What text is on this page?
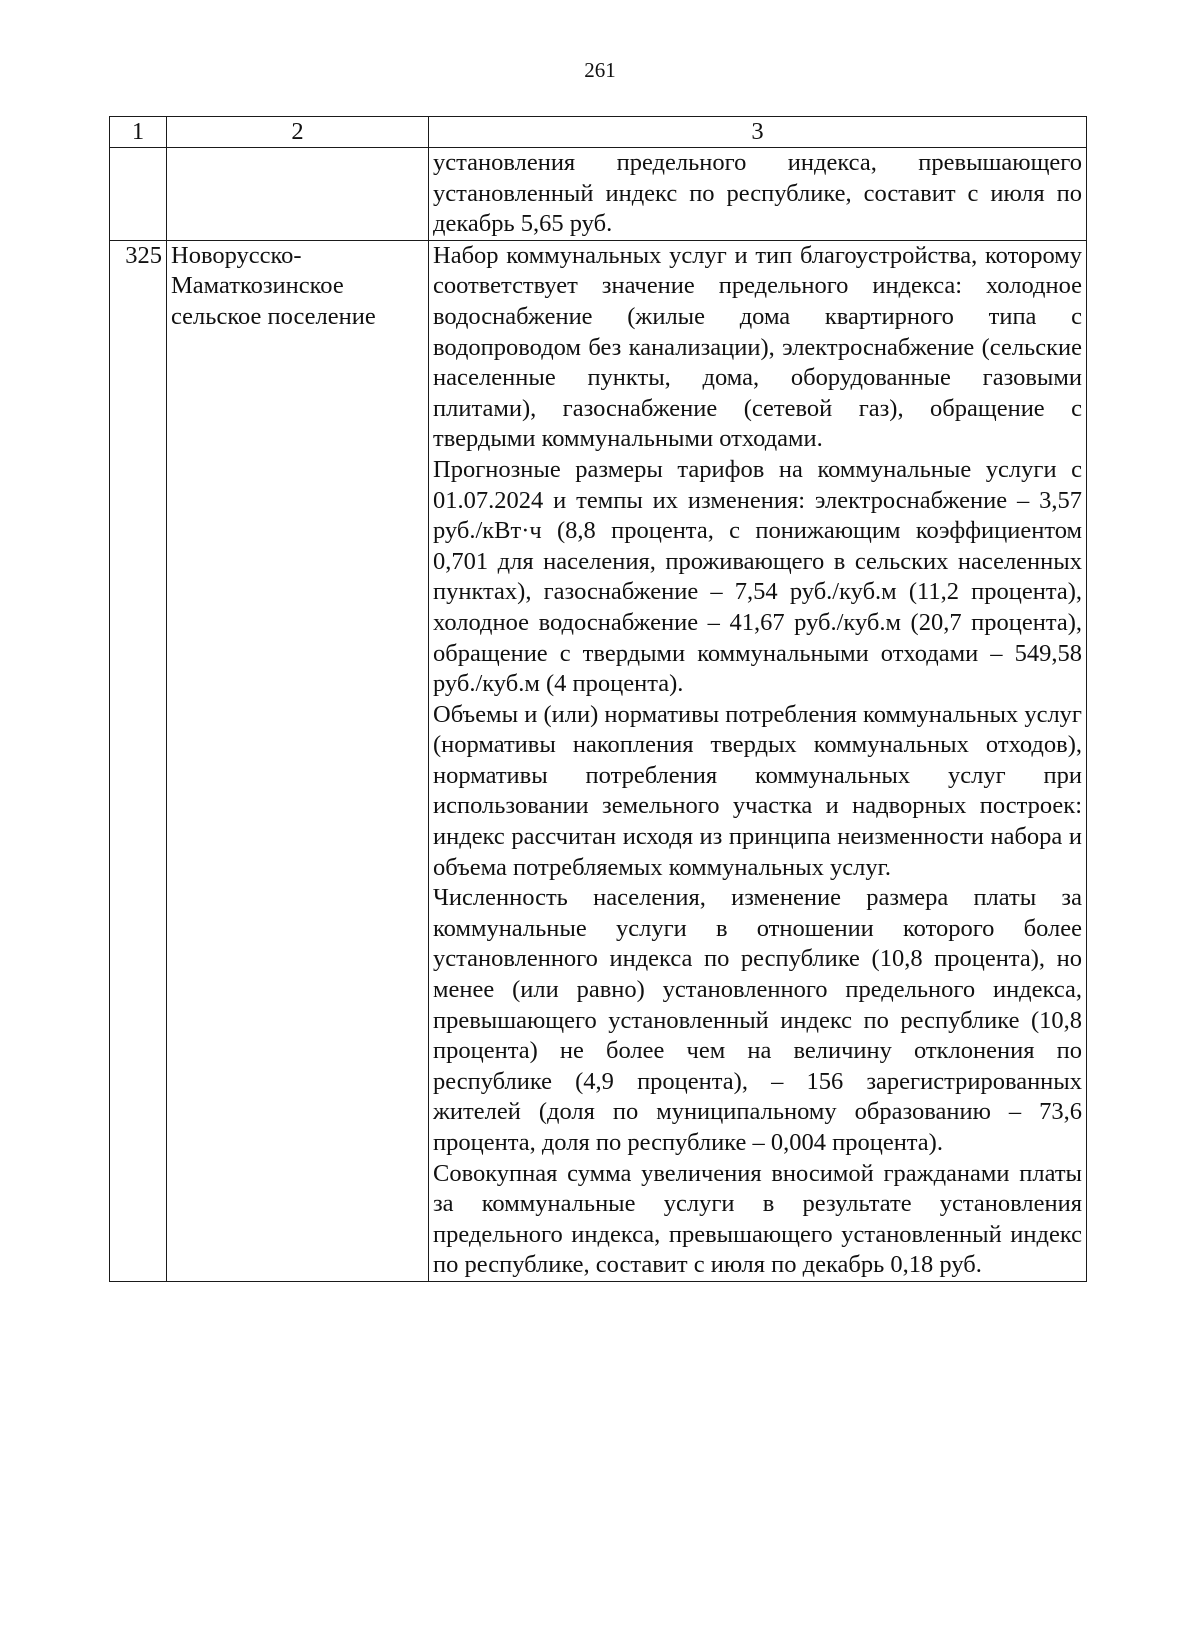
261
1	2	3

		установления предельного индекса, превышающего установленный индекс по республике, составит с июля по декабрь 5,65 руб.

325	Новорусско-Маматкозинское сельское поселение	Набор коммунальных услуг и тип благоустройства, которому соответствует значение предельного индекса: холодное водоснабжение (жилые дома квартирного типа с водопроводом без канализации), электроснабжение (сельские населенные пункты, дома, оборудованные газовыми плитами), газоснабжение (сетевой газ), обращение с твердыми коммунальными отходами.

Прогнозные размеры тарифов на коммунальные услуги с 01.07.2024 и темпы их изменения: электроснабжение – 3,57 руб./кВт·ч (8,8 процента, с понижающим коэффициентом 0,701 для населения, проживающего в сельских населенных пунктах), газоснабжение – 7,54 руб./куб.м (11,2 процента), холодное водоснабжение – 41,67 руб./куб.м (20,7 процента), обращение с твердыми коммунальными отходами – 549,58 руб./куб.м (4 процента).

Объемы и (или) нормативы потребления коммунальных услуг (нормативы накопления твердых коммунальных отходов), нормативы потребления коммунальных услуг при использовании земельного участка и надворных построек: индекс рассчитан исходя из принципа неизменности набора и объема потребляемых коммунальных услуг.

Численность населения, изменение размера платы за коммунальные услуги в отношении которого более установленного индекса по республике (10,8 процента), но менее (или равно) установленного предельного индекса, превышающего установленный индекс по республике (10,8 процента) не более чем на величину отклонения по республике (4,9 процента), – 156 зарегистрированных жителей (доля по муниципальному образованию – 73,6 процента, доля по республике – 0,004 процента).

Совокупная сумма увеличения вносимой гражданами платы за коммунальные услуги в результате установления предельного индекса, превышающего установленный индекс по республике, составит с июля по декабрь 0,18 руб.
